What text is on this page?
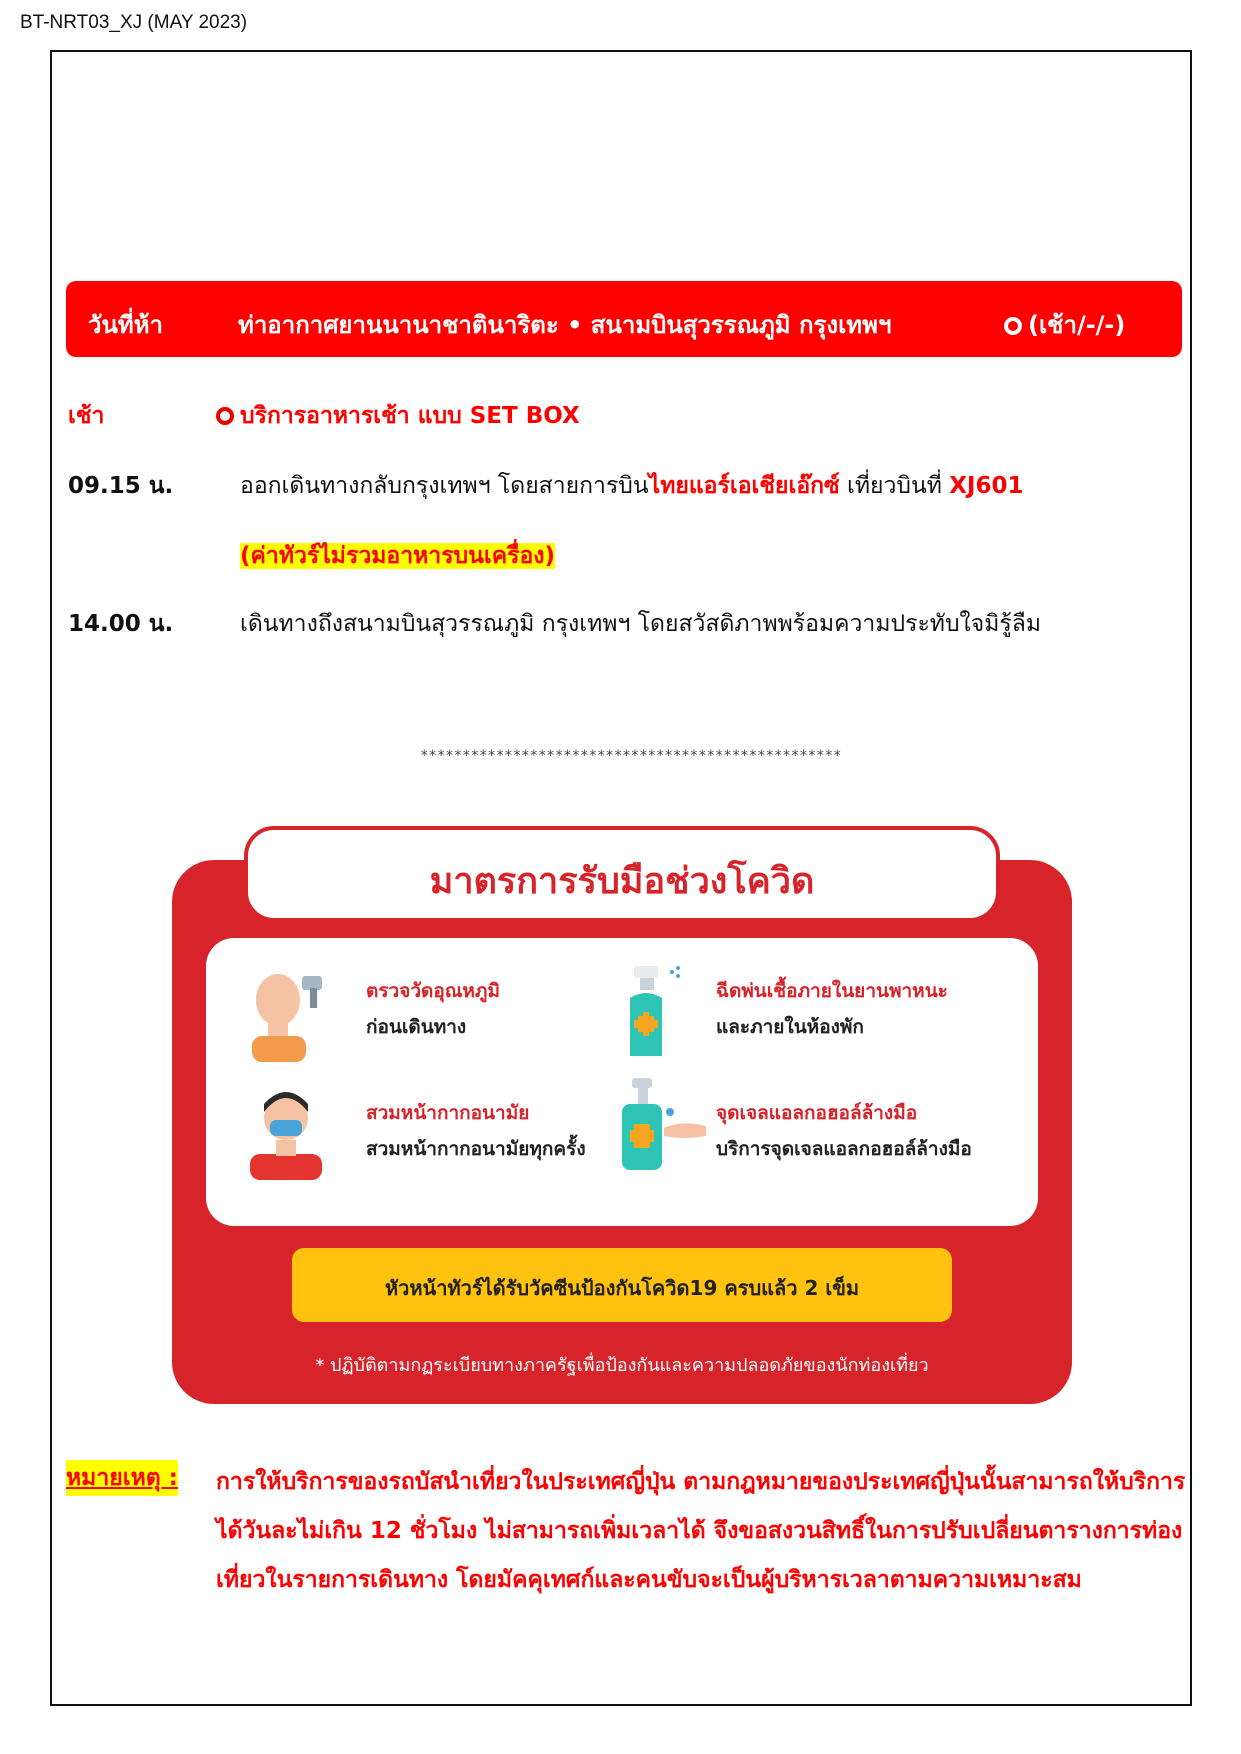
BT-NRT03_XJ (MAY 2023)
วันที่ห้า	ท่าอากาศยานนานาชาตินาริตะ • สนามบินสุวรรณภูมิ กรุงเทพฯ	(เช้า/-/-)
เช้า	บริการอาหารเช้า แบบ SET BOX
09.15 น.	ออกเดินทางกลับกรุงเทพฯ โดยสายการบินไทยแอร์เอเชียเอ๊กซ์ เที่ยวบินที่ XJ601
(ค่าทัวร์ไม่รวมอาหารบนเครื่อง)
14.00 น.	เดินทางถึงสนามบินสุวรรณภูมิ กรุงเทพฯ โดยสวัสดิภาพพร้อมความประทับใจมิรู้ลืม
**************************************************
มาตรการรับมือช่วงโควิด
ตรวจวัดอุณหภูมิ
ก่อนเดินทาง
ฉีดพ่นเชื้อภายในยานพาหนะ
และภายในห้องพัก
สวมหน้ากากอนามัย
สวมหน้ากากอนามัยทุกครั้ง
จุดเจลแอลกอฮอล์ล้างมือ
บริการจุดเจลแอลกอฮอล์ล้างมือ
หัวหน้าทัวร์ได้รับวัคซีนป้องกันโควิด19 ครบแล้ว 2 เข็ม
* ปฏิบัติตามกฏระเบียบทางภาครัฐเพื่อป้องกันและความปลอดภัยของนักท่องเที่ยว
หมายเหตุ : การให้บริการของรถบัสนำเที่ยวในประเทศญี่ปุ่น ตามกฎหมายของประเทศญี่ปุ่นนั้นสามารถให้บริการได้วันละไม่เกิน 12 ชั่วโมง ไม่สามารถเพิ่มเวลาได้ จึงขอสงวนสิทธิ์ในการปรับเปลี่ยนตารางการท่องเที่ยวในรายการเดินทาง โดยมัคคุเทศก์และคนขับจะเป็นผู้บริหารเวลาตามความเหมาะสม
